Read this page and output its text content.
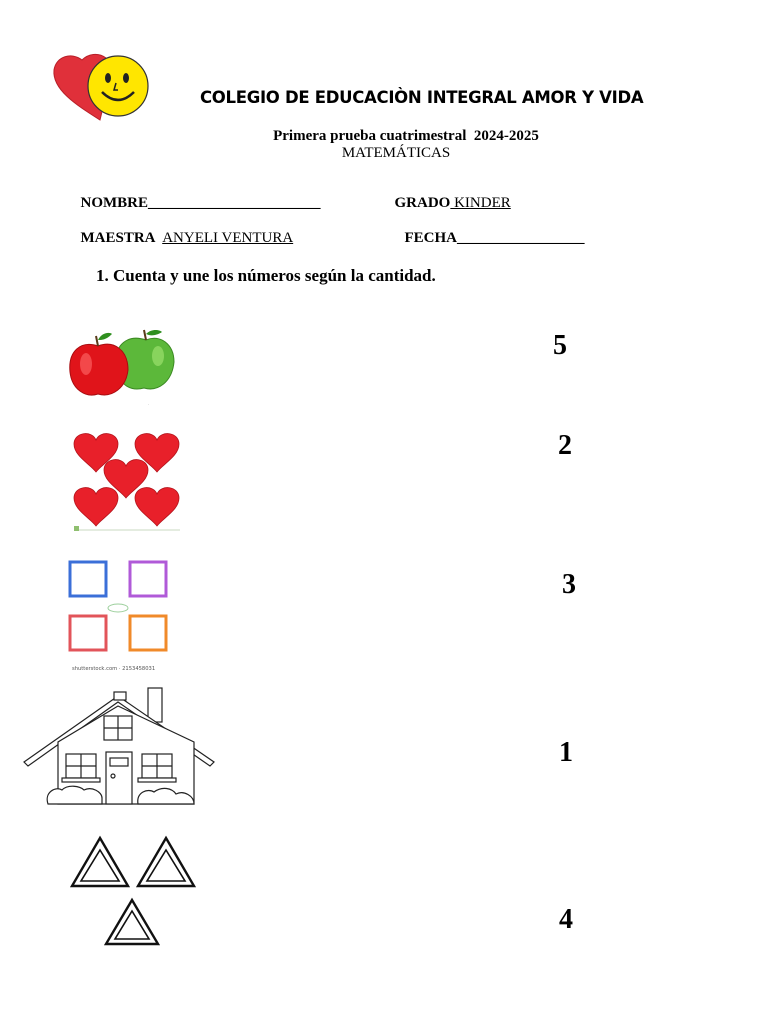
COLEGIO DE EDUCACIÒN INTEGRAL AMOR Y VIDA
Primera prueba cuatrimestral  2024-2025
MATEMÁTICAS

NOMBRE_______________________	GRADO KINDER

MAESTRA ANYELI VENTURA	FECHA_________________

1. Cuenta y une los números según la cantidad.
·
shutterstock.com · 2153458031
5
2
3
1
4
